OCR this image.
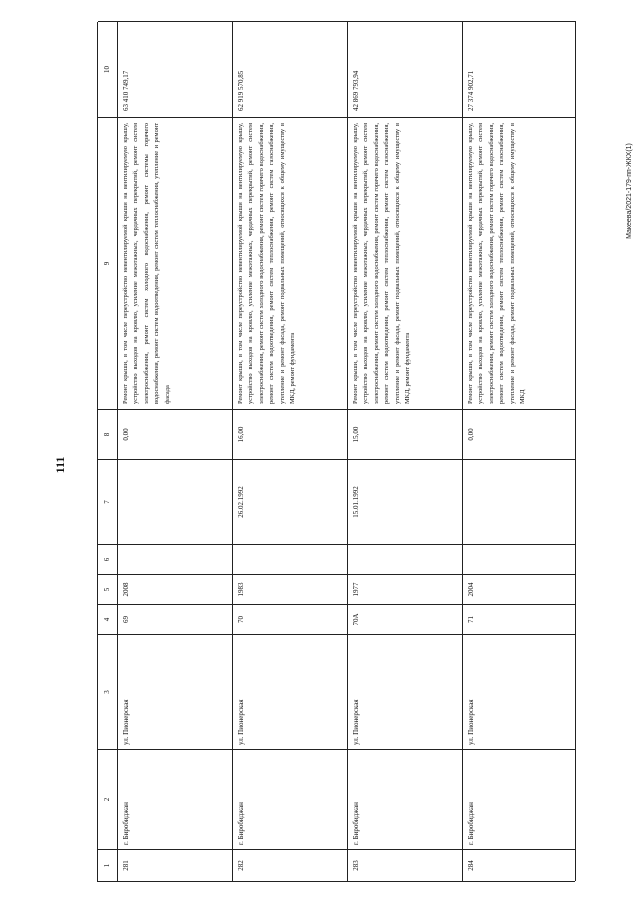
111
1
2
3
4
5
6
7
8
9
10
281
г. Биробиджан
ул. Пионерская
69
2008
0,00
Ремонт крыши, в том числе переустройство невентилируемой крыши на вентилируемую крышу, устройство выходов на кровлю, усиление межэтажных, чердачных перекрытий, ремонт систем электроснабжения, ремонт систем холодного водоснабжения, ремонт системы горячего водоснабжения, ремонт систем водоотведения, ремонт систем теплоснабжения, утепление и ремонт фасада
63 410 749,17
282
г. Биробиджан
ул. Пионерская
70
1983
26.02.1992
16,00
Ремонт крыши, в том числе переустройство невентилируемой крыши на вентилируемую крышу, устройство выходов на кровлю, усиление межэтажных, чердачных перекрытий, ремонт систем электроснабжения, ремонт систем холодного водоснабжения, ремонт систем горячего водоснабжения, ремонт систем водоотведения, ремонт систем теплоснабжения, ремонт систем газоснабжения, утепление и ремонт фасада, ремонт подвальных помещений, относящихся к общему имуществу в МКД, ремонт фундамента
62 919 570,85
283
г. Биробиджан
ул. Пионерская
70А
1977
15.01.1992
15,00
Ремонт крыши, в том числе переустройство невентилируемой крыши на вентилируемую крышу, устройство выходов на кровлю, усиление межэтажных, чердачных перекрытий, ремонт систем электроснабжения, ремонт систем холодного водоснабжения, ремонт систем горячего водоснабжения, ремонт систем водоотведения, ремонт систем теплоснабжения, ремонт систем газоснабжения, утепление и ремонт фасада, ремонт подвальных помещений, относящихся к общему имуществу в МКД, ремонт фундамента
42 869 793,94
284
г. Биробиджан
ул. Пионерская
71
2004
0,00
Ремонт крыши, в том числе переустройство невентилируемой крыши на вентилируемую крышу, устройство выходов на кровлю, усиление межэтажных, чердачных перекрытий, ремонт систем электроснабжения, ремонт систем холодного водоснабжения, ремонт систем горячего водоснабжения, ремонт систем водоотведения, ремонт систем теплоснабжения, ремонт систем газоснабжения, утепление и ремонт фасада, ремонт подвальных помещений, относящихся к общему имуществу в МКД
27 374 902,71
Макеева/2021-179-пп-ЖКХ(1)
